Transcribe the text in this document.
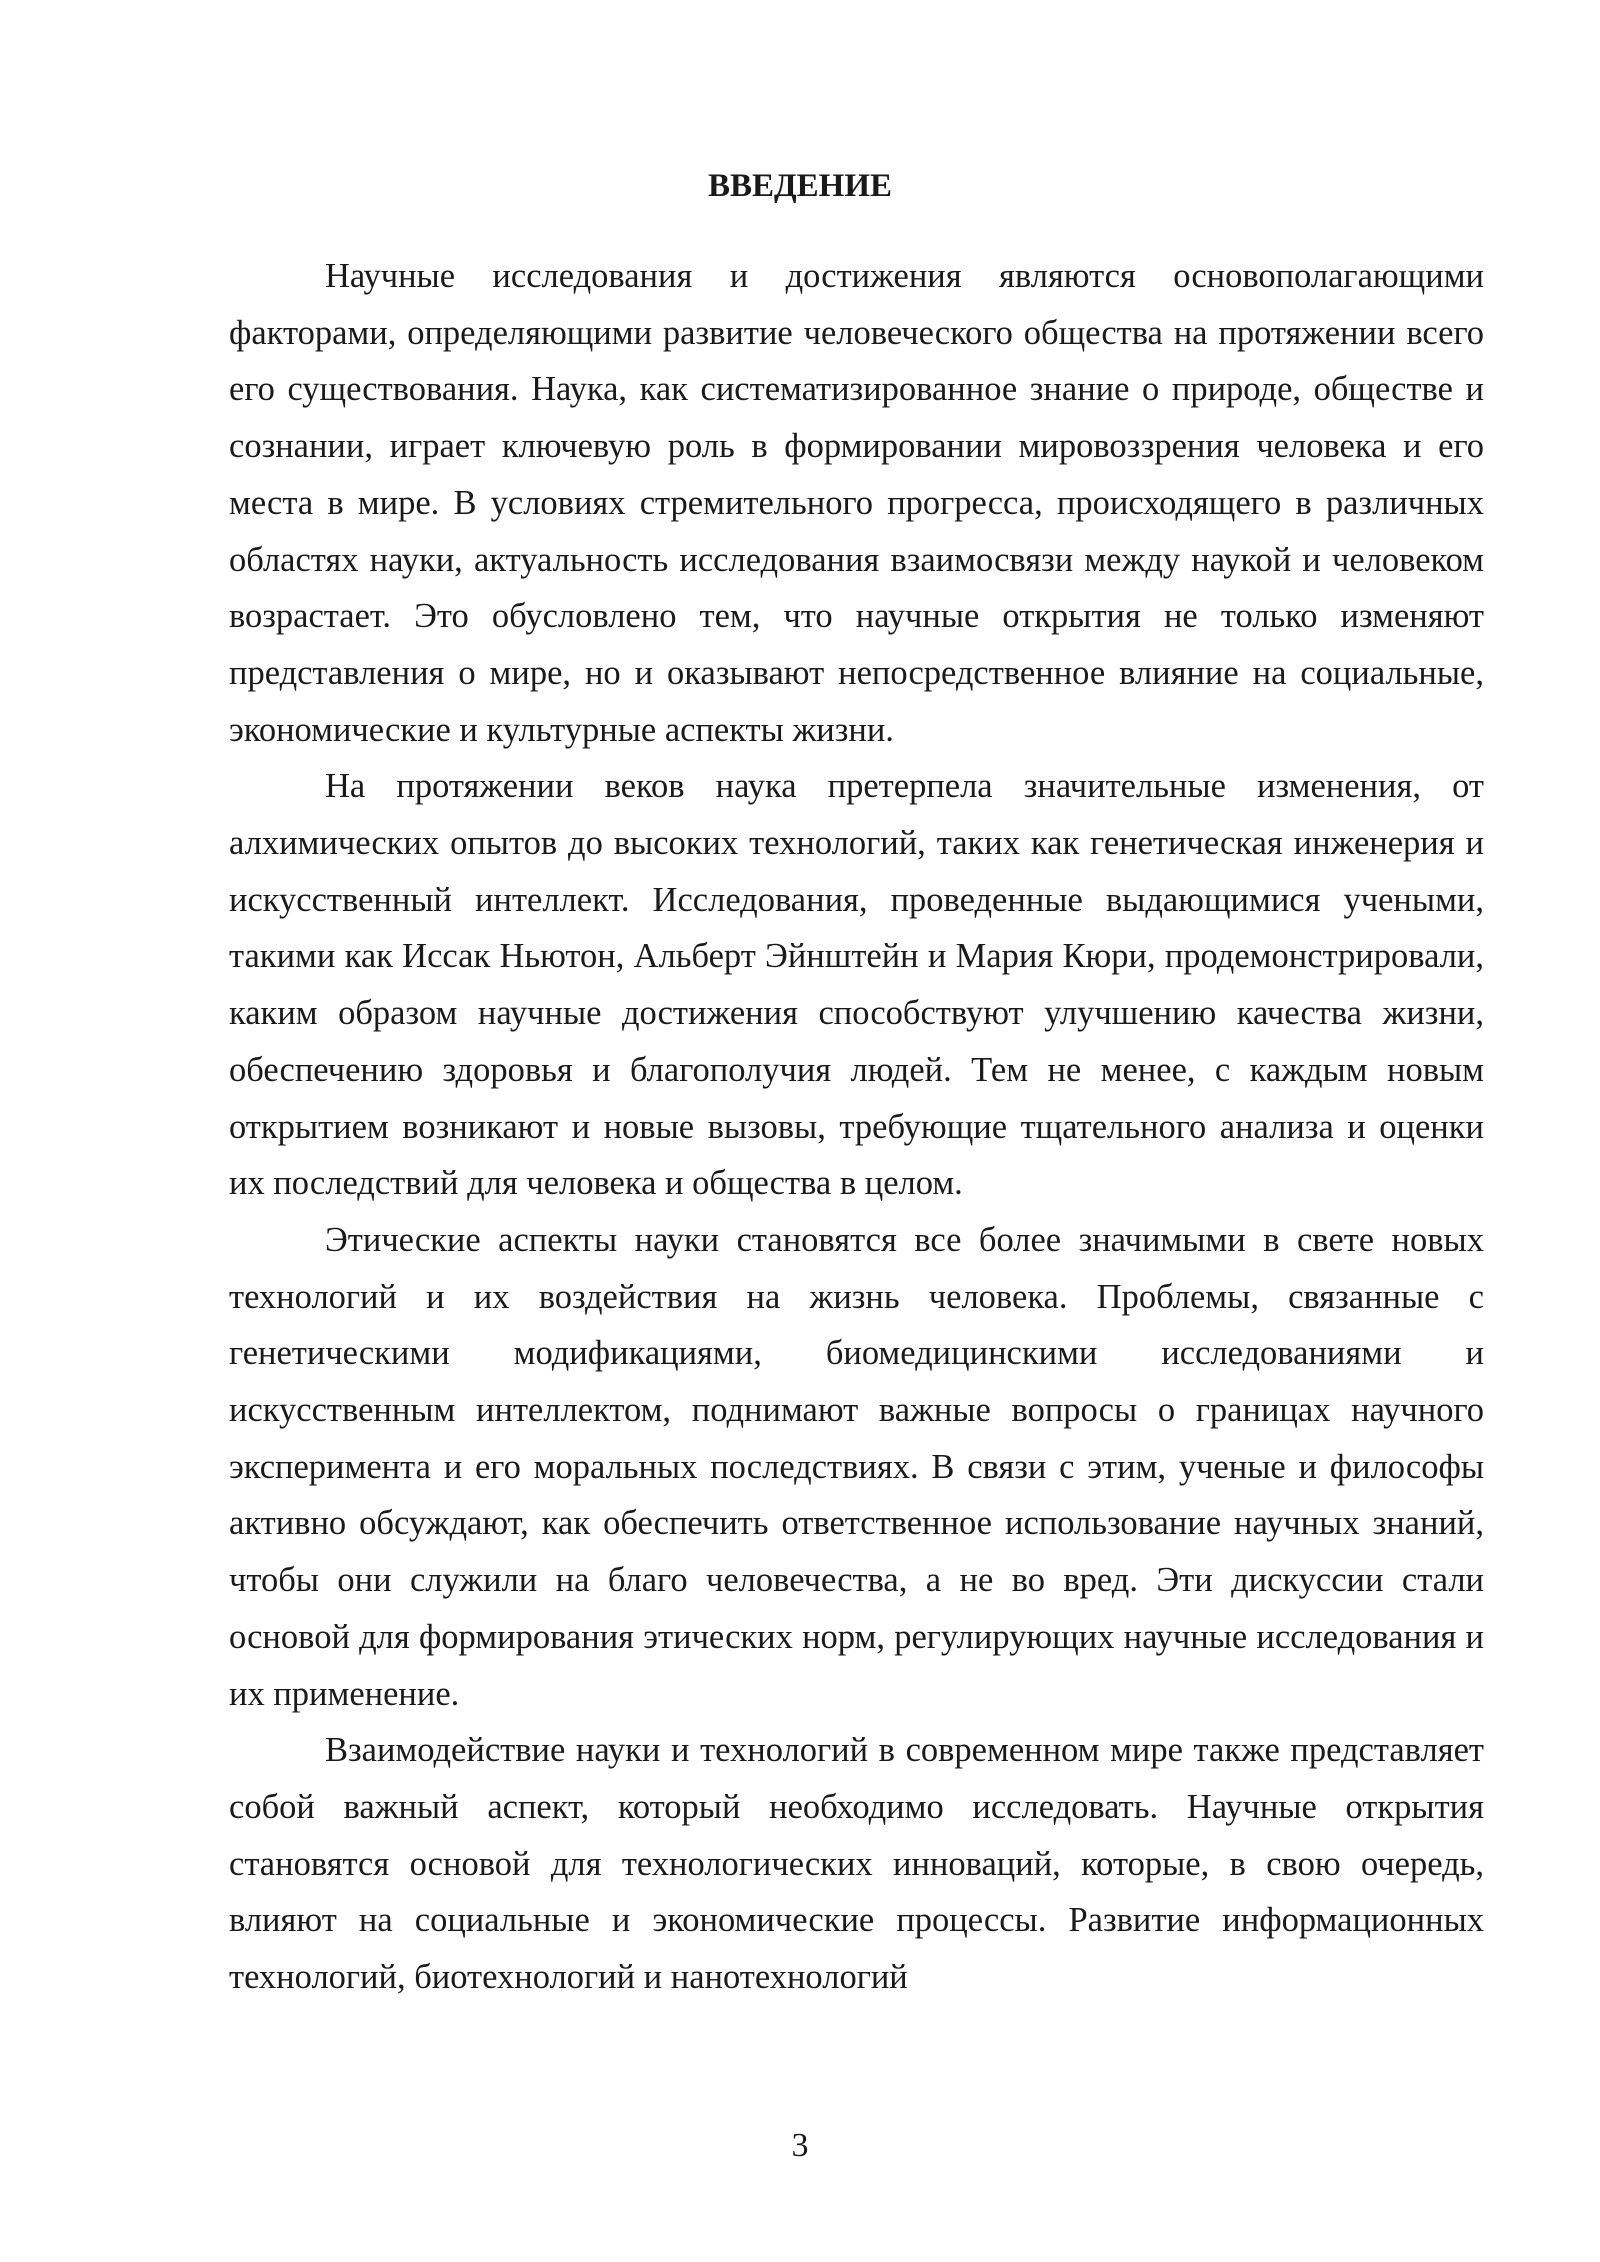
ВВЕДЕНИЕ

Научные исследования и достижения являются основополагающими факторами, определяющими развитие человеческого общества на протяжении всего его существования. Наука, как систематизированное знание о природе, обществе и сознании, играет ключевую роль в формировании мировоззрения человека и его места в мире. В условиях стремительного прогресса, происходящего в различных областях науки, актуальность исследования взаимосвязи между наукой и человеком возрастает. Это обусловлено тем, что научные открытия не только изменяют представления о мире, но и оказывают непосредственное влияние на социальные, экономические и культурные аспекты жизни.

На протяжении веков наука претерпела значительные изменения, от алхимических опытов до высоких технологий, таких как генетическая инженерия и искусственный интеллект. Исследования, проведенные выдающимися учеными, такими как Иссак Ньютон, Альберт Эйнштейн и Мария Кюри, продемонстрировали, каким образом научные достижения способствуют улучшению качества жизни, обеспечению здоровья и благополучия людей. Тем не менее, с каждым новым открытием возникают и новые вызовы, требующие тщательного анализа и оценки их последствий для человека и общества в целом.

Этические аспекты науки становятся все более значимыми в свете новых технологий и их воздействия на жизнь человека. Проблемы, связанные с генетическими модификациями, биомедицинскими исследованиями и искусственным интеллектом, поднимают важные вопросы о границах научного эксперимента и его моральных последствиях. В связи с этим, ученые и философы активно обсуждают, как обеспечить ответственное использование научных знаний, чтобы они служили на благо человечества, а не во вред. Эти дискуссии стали основой для формирования этических норм, регулирующих научные исследования и их применение.

Взаимодействие науки и технологий в современном мире также представляет собой важный аспект, который необходимо исследовать. Научные открытия становятся основой для технологических инноваций, которые, в свою очередь, влияют на социальные и экономические процессы. Развитие информационных технологий, биотехнологий и нанотехнологий

3
